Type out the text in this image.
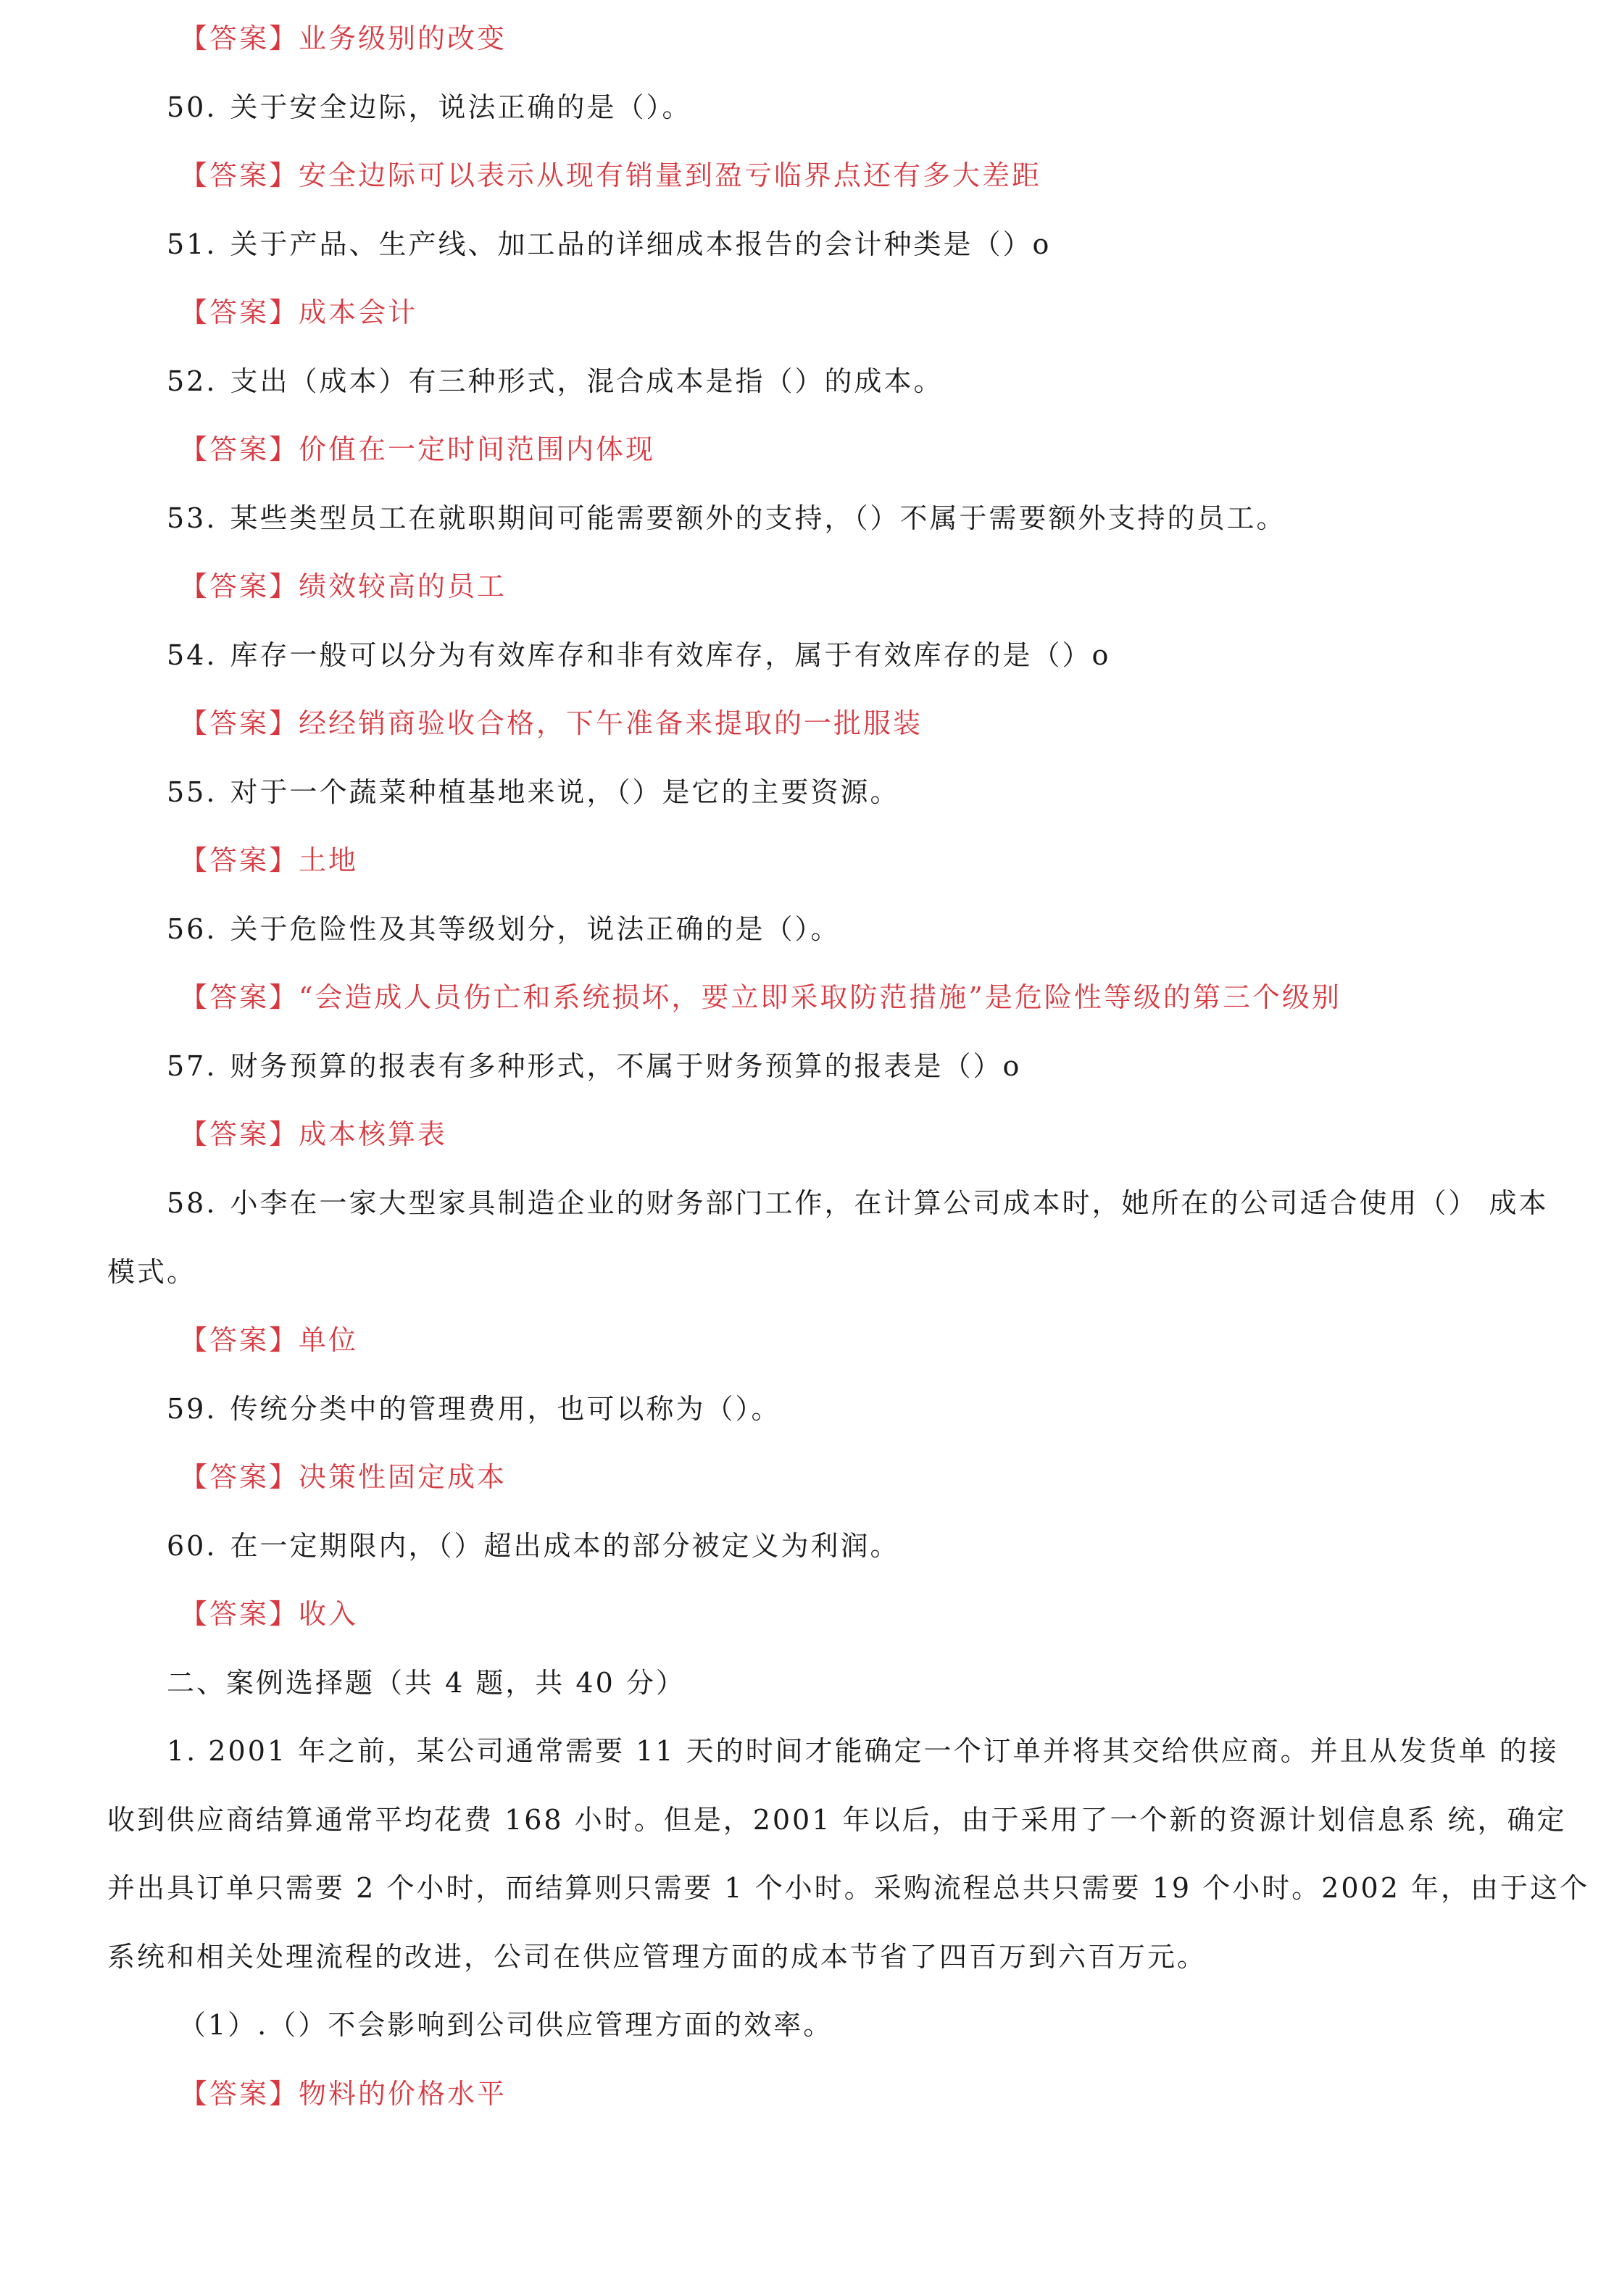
【答案】业务级别的改变
50. 关于安全边际，说法正确的是（）。
【答案】安全边际可以表示从现有销量到盈亏临界点还有多大差距
51. 关于产品、生产线、加工品的详细成本报告的会计种类是（）o
【答案】成本会计
52. 支出（成本）有三种形式，混合成本是指（）的成本。
【答案】价值在一定时间范围内体现
53. 某些类型员工在就职期间可能需要额外的支持，（）不属于需要额外支持的员工。
【答案】绩效较高的员工
54. 库存一般可以分为有效库存和非有效库存，属于有效库存的是（）o
【答案】经经销商验收合格，下午准备来提取的一批服装
55. 对于一个蔬菜种植基地来说，（）是它的主要资源。
【答案】土地
56. 关于危险性及其等级划分，说法正确的是（）。
【答案】“会造成人员伤亡和系统损坏，要立即采取防范措施”是危险性等级的第三个级别
57. 财务预算的报表有多种形式，不属于财务预算的报表是（）o
【答案】成本核算表
58. 小李在一家大型家具制造企业的财务部门工作，在计算公司成本时，她所在的公司适合使用（） 成本
模式。
【答案】单位
59. 传统分类中的管理费用，也可以称为（）。
【答案】决策性固定成本
60. 在一定期限内，（）超出成本的部分被定义为利润。
【答案】收入
二、案例选择题（共 4 题，共 40 分）
1. 2001 年之前，某公司通常需要 11 天的时间才能确定一个订单并将其交给供应商。并且从发货单 的接
收到供应商结算通常平均花费 168 小时。但是，2001 年以后，由于采用了一个新的资源计划信息系 统，确定
并出具订单只需要 2 个小时，而结算则只需要 1 个小时。采购流程总共只需要 19 个小时。2002 年，由于这个
系统和相关处理流程的改进，公司在供应管理方面的成本节省了四百万到六百万元。
（1）.（）不会影响到公司供应管理方面的效率。
【答案】物料的价格水平
